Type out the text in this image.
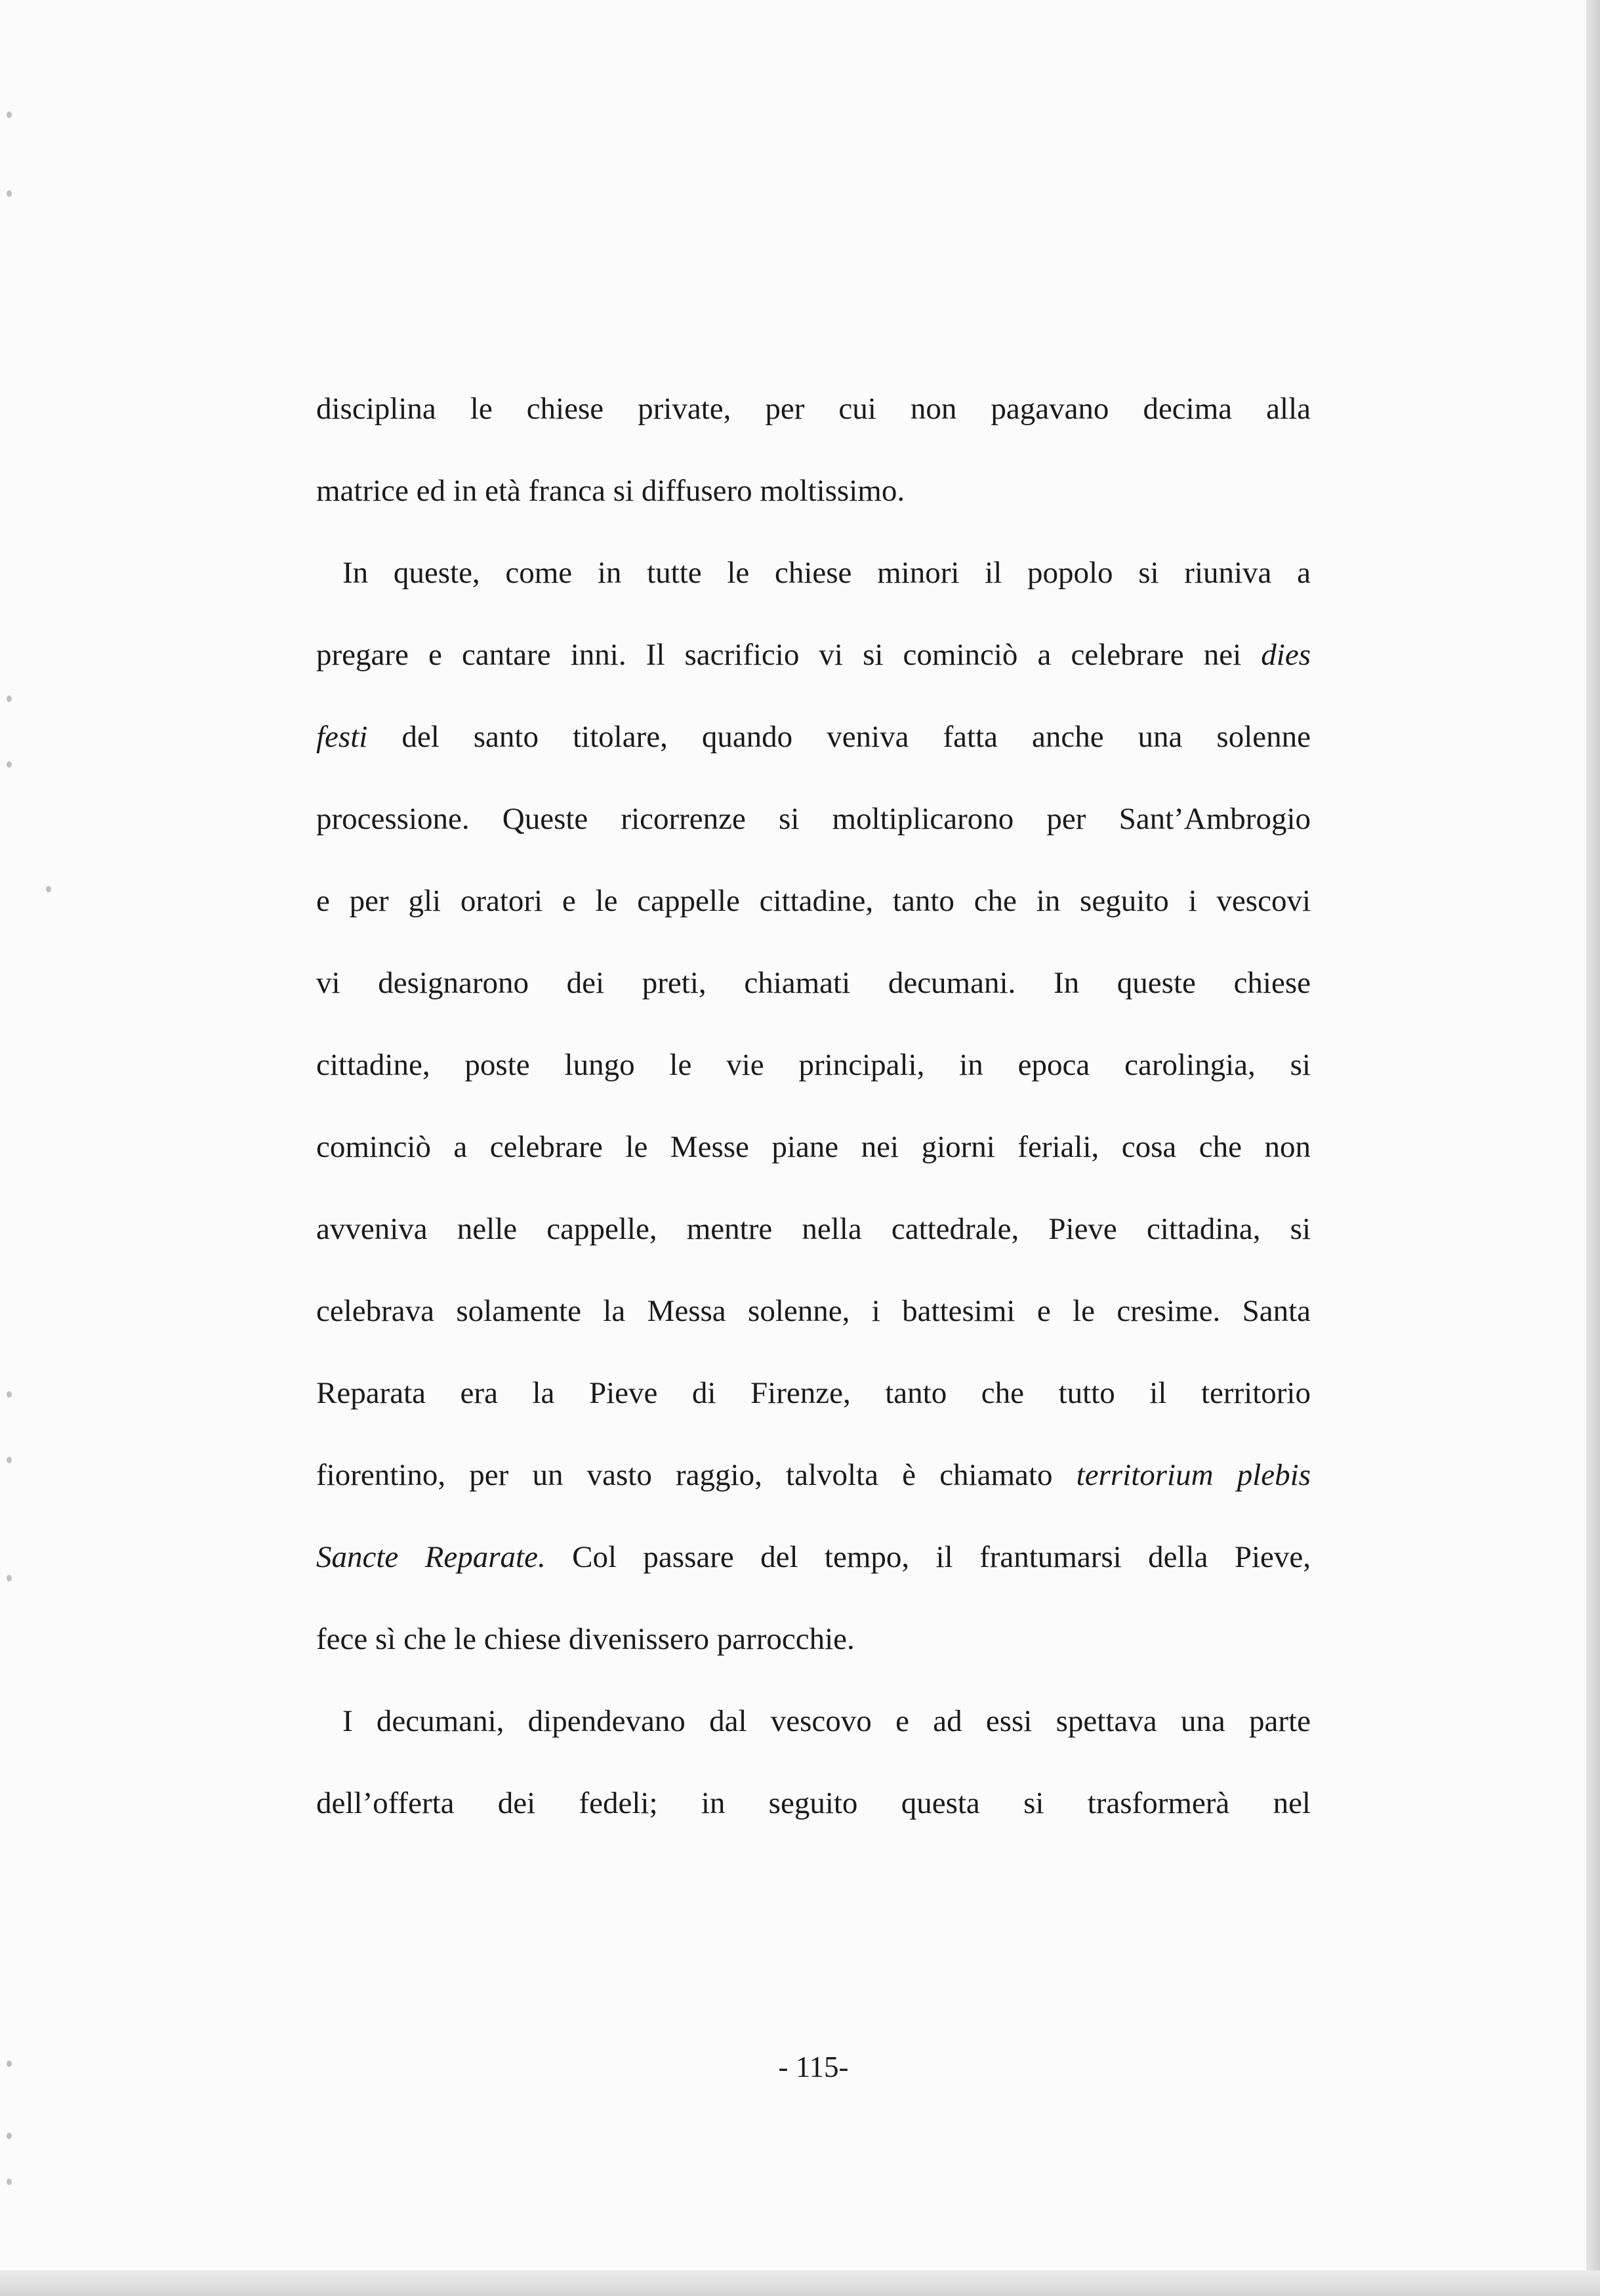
disciplina le chiese private, per cui non pagavano decima alla
matrice ed in età franca si diffusero moltissimo.
In queste, come in tutte le chiese minori il popolo si riuniva a
pregare e cantare inni. Il sacrificio vi si cominciò a celebrare nei dies
festi del santo titolare, quando veniva fatta anche una solenne
processione. Queste ricorrenze si moltiplicarono per Sant’Ambrogio
e per gli oratori e le cappelle cittadine, tanto che in seguito i vescovi
vi designarono dei preti, chiamati decumani. In queste chiese
cittadine, poste lungo le vie principali, in epoca carolingia, si
cominciò a celebrare le Messe piane nei giorni feriali, cosa che non
avveniva nelle cappelle, mentre nella cattedrale, Pieve cittadina, si
celebrava solamente la Messa solenne, i battesimi e le cresime. Santa
Reparata era la Pieve di Firenze, tanto che tutto il territorio
fiorentino, per un vasto raggio, talvolta è chiamato territorium plebis
Sancte Reparate. Col passare del tempo, il frantumarsi della Pieve,
fece sì che le chiese divenissero parrocchie.
I decumani, dipendevano dal vescovo e ad essi spettava una parte
dell’offerta dei fedeli; in seguito questa si trasformerà nel
- 115-
